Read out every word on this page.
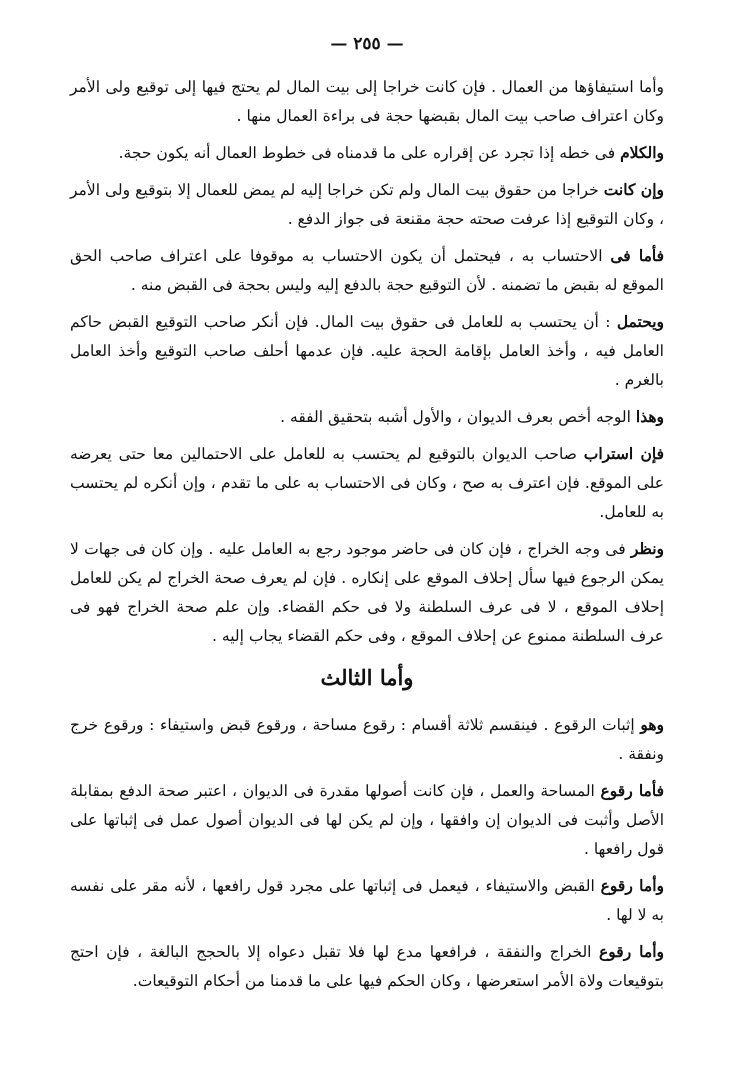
— ٢٥٥ —

وأما استيفاؤها من العمال . فإن كانت خراجا إلى بيت المال لم يحتج فيها إلى توقيع ولى الأمر وكان اعتراف صاحب بيت المال بقبضها حجة فى براءة العمال منها .

والكلام فى خطه إذا تجرد عن إقراره على ما قدمناه فى خطوط العمال أنه يكون حجة.

وإن كانت خراجا من حقوق بيت المال ولم تكن خراجا إليه لم يمض للعمال إلا بتوقيع ولى الأمر ، وكان التوقيع إذا عرفت صحته حجة مقنعة فى جواز الدفع .

فأما فى الاحتساب به ، فيحتمل أن يكون الاحتساب به موقوفا على اعتراف صاحب الحق الموقع له بقبض ما تضمنه . لأن التوقيع حجة بالدفع إليه وليس بحجة فى القبض منه .

ويحتمل : أن يحتسب به للعامل فى حقوق بيت المال. فإن أنكر صاحب التوقيع القبض حاكم العامل فيه ، وأخذ العامل بإقامة الحجة عليه. فإن عدمها أحلف صاحب التوقيع وأخذ العامل بالغرم .

وهذا الوجه أخص بعرف الديوان ، والأول أشبه بتحقيق الفقه .

فإن استراب صاحب الديوان بالتوقيع لم يحتسب به للعامل على الاحتمالين معا حتى يعرضه على الموقع. فإن اعترف به صح ، وكان فى الاحتساب به على ما تقدم ، وإن أنكره لم يحتسب به للعامل.

ونظر فى وجه الخراج ، فإن كان فى حاضر موجود رجع به العامل عليه . وإن كان فى جهات لا يمكن الرجوع فيها سأل إحلاف الموقع على إنكاره . فإن لم يعرف صحة الخراج لم يكن للعامل إحلاف الموقع ، لا فى عرف السلطنة ولا فى حكم القضاء. وإن علم صحة الخراج فهو فى عرف السلطنة ممنوع عن إحلاف الموقع ، وفى حكم القضاء يجاب إليه .

وأما الثالث

وهو إثبات الرقوع . فينقسم ثلاثة أقسام : رقوع مساحة ، ورقوع قبض واستيفاء : ورقوع خرج ونفقة .

فأما رقوع المساحة والعمل ، فإن كانت أصولها مقدرة فى الديوان ، اعتبر صحة الدفع بمقابلة الأصل وأثبت فى الديوان إن وافقها ، وإن لم يكن لها فى الديوان أصول عمل فى إثباتها على قول رافعها .

وأما رقوع القبض والاستيفاء ، فيعمل فى إثباتها على مجرد قول رافعها ، لأنه مقر على نفسه به لا لها .

وأما رقوع الخراج والنفقة ، فرافعها مدع لها فلا تقبل دعواه إلا بالحجج البالغة ، فإن احتج بتوقيعات ولاة الأمر استعرضها ، وكان الحكم فيها على ما قدمنا من أحكام التوقيعات.
